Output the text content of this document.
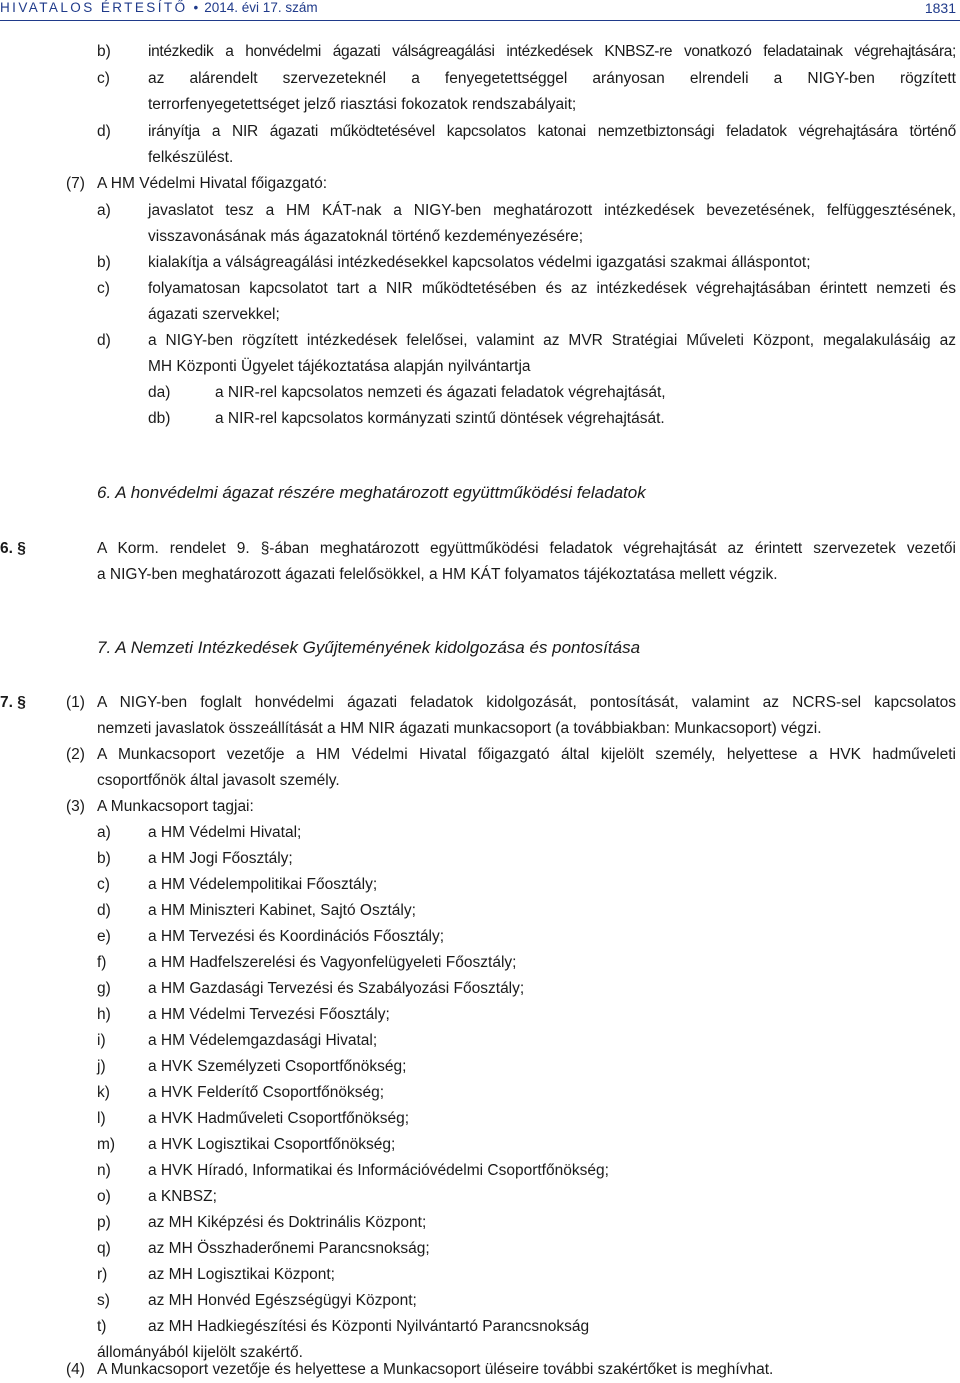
HIVATALOS ÉRTESÍTŐ • 2014. évi 17. szám	1831
b) intézkedik a honvédelmi ágazati válságreagálási intézkedések KNBSZ-re vonatkozó feladatainak végrehajtására;
c) az alárendelt szervezeteknél a fenyegetettséggel arányosan elrendeli a NIGY-ben rögzített
terrorfenyegetettséget jelző riasztási fokozatok rendszabályait;
d) irányítja a NIR ágazati működtetésével kapcsolatos katonai nemzetbiztonsági feladatok végrehajtására történő
felkészülést.
(7) A HM Védelmi Hivatal főigazgató:
a) javaslatot tesz a HM KÁT-nak a NIGY-ben meghatározott intézkedések bevezetésének, felfüggesztésének,
visszavonásának más ágazatoknál történő kezdeményezésére;
b) kialakítja a válságreagálási intézkedésekkel kapcsolatos védelmi igazgatási szakmai álláspontot;
c) folyamatosan kapcsolatot tart a NIR működtetésében és az intézkedések végrehajtásában érintett nemzeti és
ágazati szervekkel;
d) a NIGY-ben rögzített intézkedések felelősei, valamint az MVR Stratégiai Műveleti Központ, megalakulásáig az
MH Központi Ügyelet tájékoztatása alapján nyilvántartja
da)	a NIR-rel kapcsolatos nemzeti és ágazati feladatok végrehajtását,
db)	a NIR-rel kapcsolatos kormányzati szintű döntések végrehajtását.
6. A honvédelmi ágazat részére meghatározott együttműködési feladatok
6. §	A Korm. rendelet 9. §-ában meghatározott együttműködési feladatok végrehajtását az érintett szervezetek vezetői
a NIGY-ben meghatározott ágazati felelősökkel, a HM KÁT folyamatos tájékoztatása mellett végzik.
7. A Nemzeti Intézkedések Gyűjteményének kidolgozása és pontosítása
7. §	(1) A NIGY-ben foglalt honvédelmi ágazati feladatok kidolgozását, pontosítását, valamint az NCRS-sel kapcsolatos
nemzeti javaslatok összeállítását a HM NIR ágazati munkacsoport (a továbbiakban: Munkacsoport) végzi.
(2) A Munkacsoport vezetője a HM Védelmi Hivatal főigazgató által kijelölt személy, helyettese a HVK hadműveleti
csoportfőnök által javasolt személy.
(3) A Munkacsoport tagjai:
a) a HM Védelmi Hivatal;
b) a HM Jogi Főosztály;
c) a HM Védelempolitikai Főosztály;
d) a HM Miniszteri Kabinet, Sajtó Osztály;
e) a HM Tervezési és Koordinációs Főosztály;
f)	a HM Hadfelszerelési és Vagyonfelügyeleti Főosztály;
g) a HM Gazdasági Tervezési és Szabályozási Főosztály;
h) a HM Védelmi Tervezési Főosztály;
i)	a HM Védelemgazdasági Hivatal;
j)	a HVK Személyzeti Csoportfőnökség;
k) a HVK Felderítő Csoportfőnökség;
l)	a HVK Hadműveleti Csoportfőnökség;
m) a HVK Logisztikai Csoportfőnökség;
n) a HVK Híradó, Informatikai és Információvédelmi Csoportfőnökség;
o) a KNBSZ;
p) az MH Kiképzési és Doktrinális Központ;
q) az MH Összhaderőnemi Parancsnokság;
r)	az MH Logisztikai Központ;
s) az MH Honvéd Egészségügyi Központ;
t)	az MH Hadkiegészítési és Központi Nyilvántartó Parancsnokság
állományából kijelölt szakértő.
(4) A Munkacsoport vezetője és helyettese a Munkacsoport üléseire további szakértőket is meghívhat.
